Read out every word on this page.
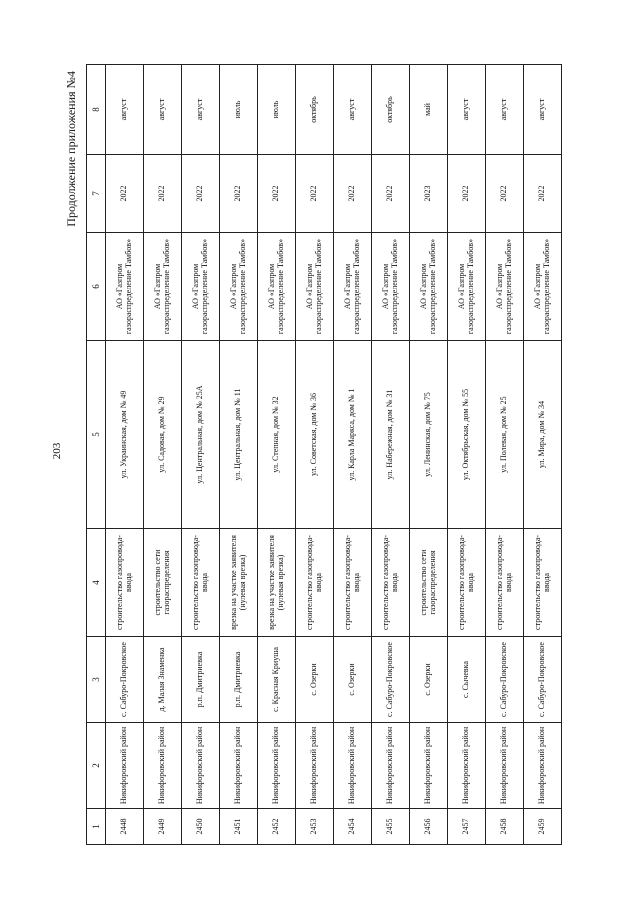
203
Продолжение приложения №4
1	2	3	4	5	6	7	8
2448	Никифоровский район	с. Сабуро-Покровское	строительство газопровода-ввода	ул. Украинская, дом № 49	АО «Газпром газораспределение Тамбов»	2022	август
2449	Никифоровский район	д. Малая Знаменка	строительство сети газораспределения	ул. Садовая, дом № 29	АО «Газпром газораспределение Тамбов»	2022	август
2450	Никифоровский район	р.п. Дмитриевка	строительство газопровода-ввода	ул. Центральная, дом № 25А	АО «Газпром газораспределение Тамбов»	2022	август
2451	Никифоровский район	р.п. Дмитриевка	врезка на участке заявителя (нулевая врезка)	ул. Центральная, дом № 11	АО «Газпром газораспределение Тамбов»	2022	июль
2452	Никифоровский район	с. Красная Криуша	врезка на участке заявителя (нулевая врезка)	ул. Степная, дом № 32	АО «Газпром газораспределение Тамбов»	2022	июль
2453	Никифоровский район	с. Озерки	строительство газопровода-ввода	ул. Советская, дом № 36	АО «Газпром газораспределение Тамбов»	2022	октябрь
2454	Никифоровский район	с. Озерки	строительство газопровода-ввода	ул. Карла Маркса, дом № 1	АО «Газпром газораспределение Тамбов»	2022	август
2455	Никифоровский район	с. Сабуро-Покровское	строительство газопровода-ввода	ул. Набережная, дом № 31	АО «Газпром газораспределение Тамбов»	2022	октябрь
2456	Никифоровский район	с. Озерки	строительство сети газораспределения	ул. Ленинская, дом № 75	АО «Газпром газораспределение Тамбов»	2023	май
2457	Никифоровский район	с. Сычевка	строительство газопровода-ввода	ул. Октябрьская, дом № 55	АО «Газпром газораспределение Тамбов»	2022	август
2458	Никифоровский район	с. Сабуро-Покровское	строительство газопровода-ввода	ул. Полевая, дом № 25	АО «Газпром газораспределение Тамбов»	2022	август
2459	Никифоровский район	с. Сабуро-Покровское	строительство газопровода-ввода	ул. Мира, дом № 34	АО «Газпром газораспределение Тамбов»	2022	август
